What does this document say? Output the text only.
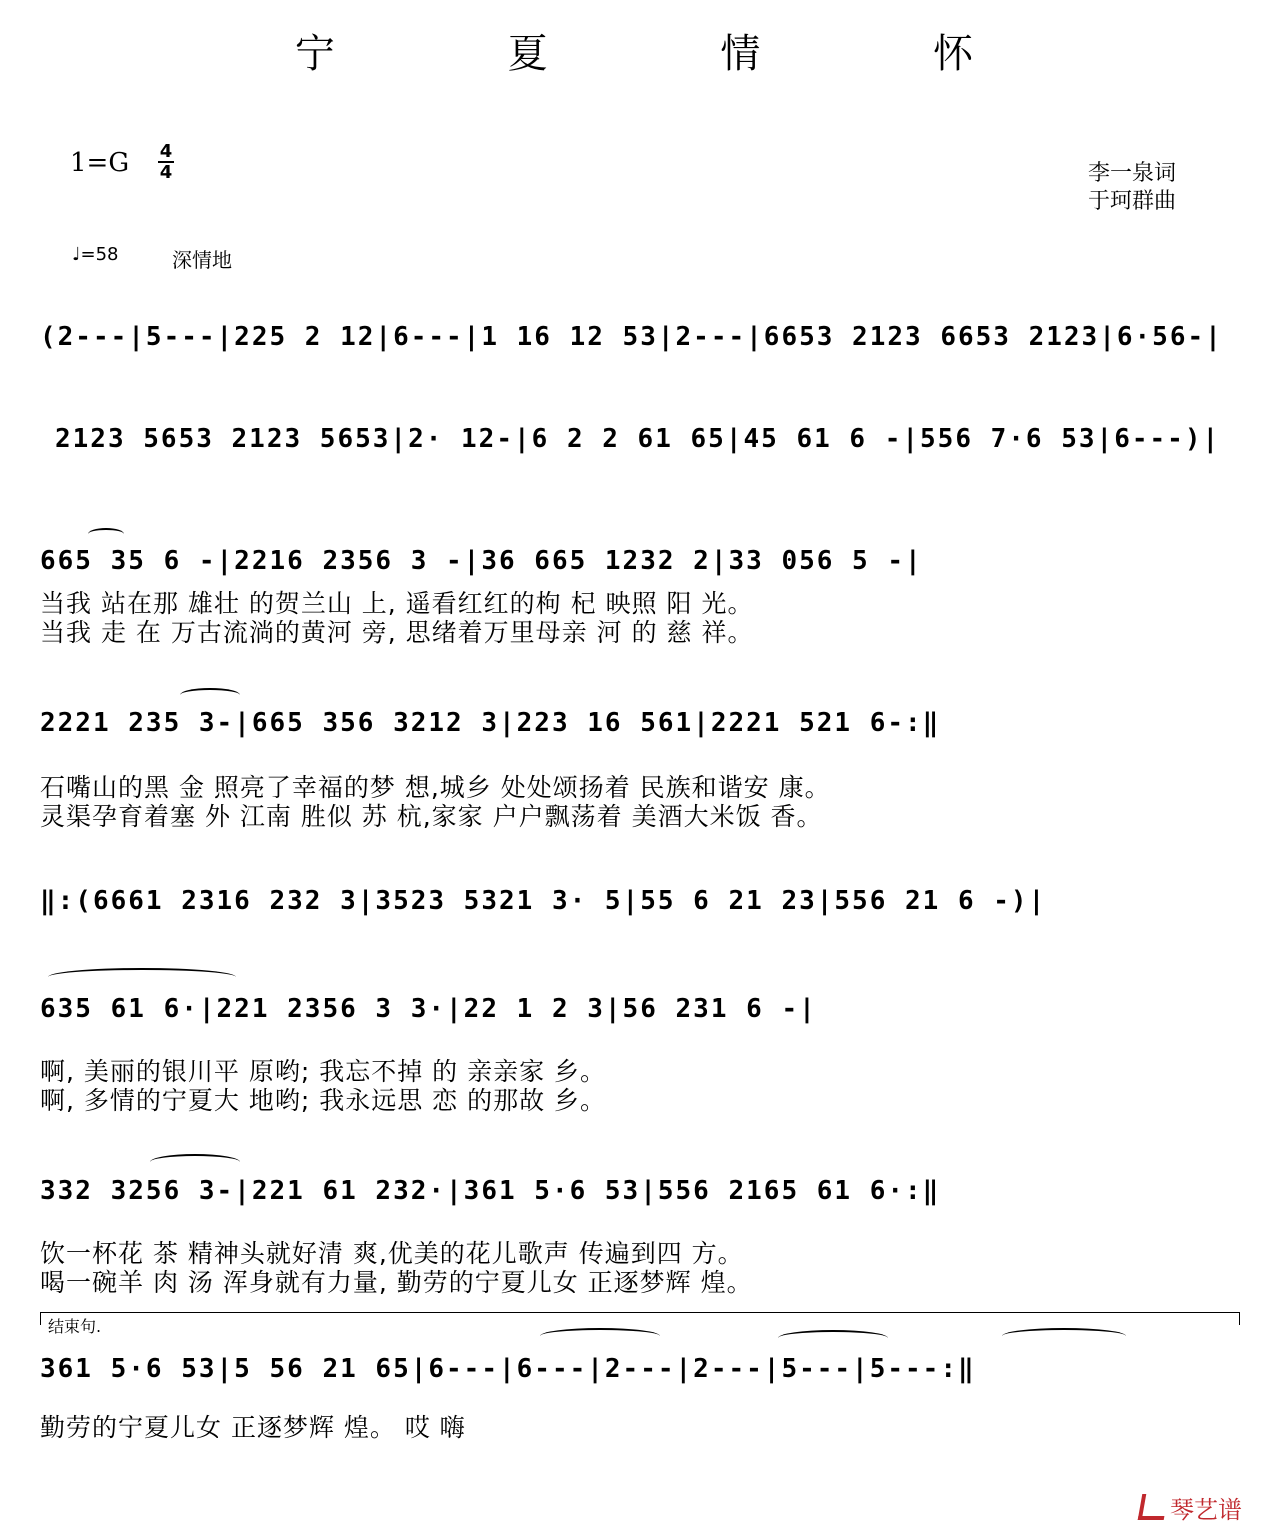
宁 夏 情 怀
1=G 4
4	李一泉词
于珂群曲
♩=58	深情地
(2---|5---|225 2 12|6---|1 16 12 53|2---|6653 2123 6653 2123|6·56-|
2123 5653 2123 5653|2· 12-|6 2 2 61 65|45 61 6 -|556 7·6 53|6---)|
665 35 6 -|2216 2356 3 -|36 665 1232 2|33 056 5 -|
当我 站在那 雄壮 的贺兰山 上, 遥看红红的枸 杞 映照 阳 光。
当我 走 在 万古流淌的黄河 旁, 思绪着万里母亲 河 的 慈 祥。
2221 235 3-|665 356 3212 3|223 16 561|2221 521 6-:‖
石嘴山的黑 金 照亮了幸福的梦 想,城乡 处处颂扬着 民族和谐安 康。
灵渠孕育着塞 外 江南 胜似 苏 杭,家家 户户飘荡着 美酒大米饭 香。
‖:(6661 2316 232 3|3523 5321 3· 5|55 6 21 23|556 21 6 -)|
635 61 6·|221 2356 3 3·|22 1 2 3|56 231 6 -|
啊, 美丽的银川平 原哟; 我忘不掉 的 亲亲家 乡。
啊, 多情的宁夏大 地哟; 我永远思 恋 的那故 乡。
332 3256 3-|221 61 232·|361 5·6 53|556 2165 61 6·:‖
饮一杯花 茶 精神头就好清 爽,优美的花儿歌声 传遍到四 方。
喝一碗羊 肉 汤 浑身就有力量, 勤劳的宁夏儿女 正逐梦辉 煌。
结束句.
361 5·6 53|5 56 21 65|6---|6---|2---|2---|5---|5---:‖
勤劳的宁夏儿女 正逐梦辉 煌。 哎 嗨
琴艺谱
